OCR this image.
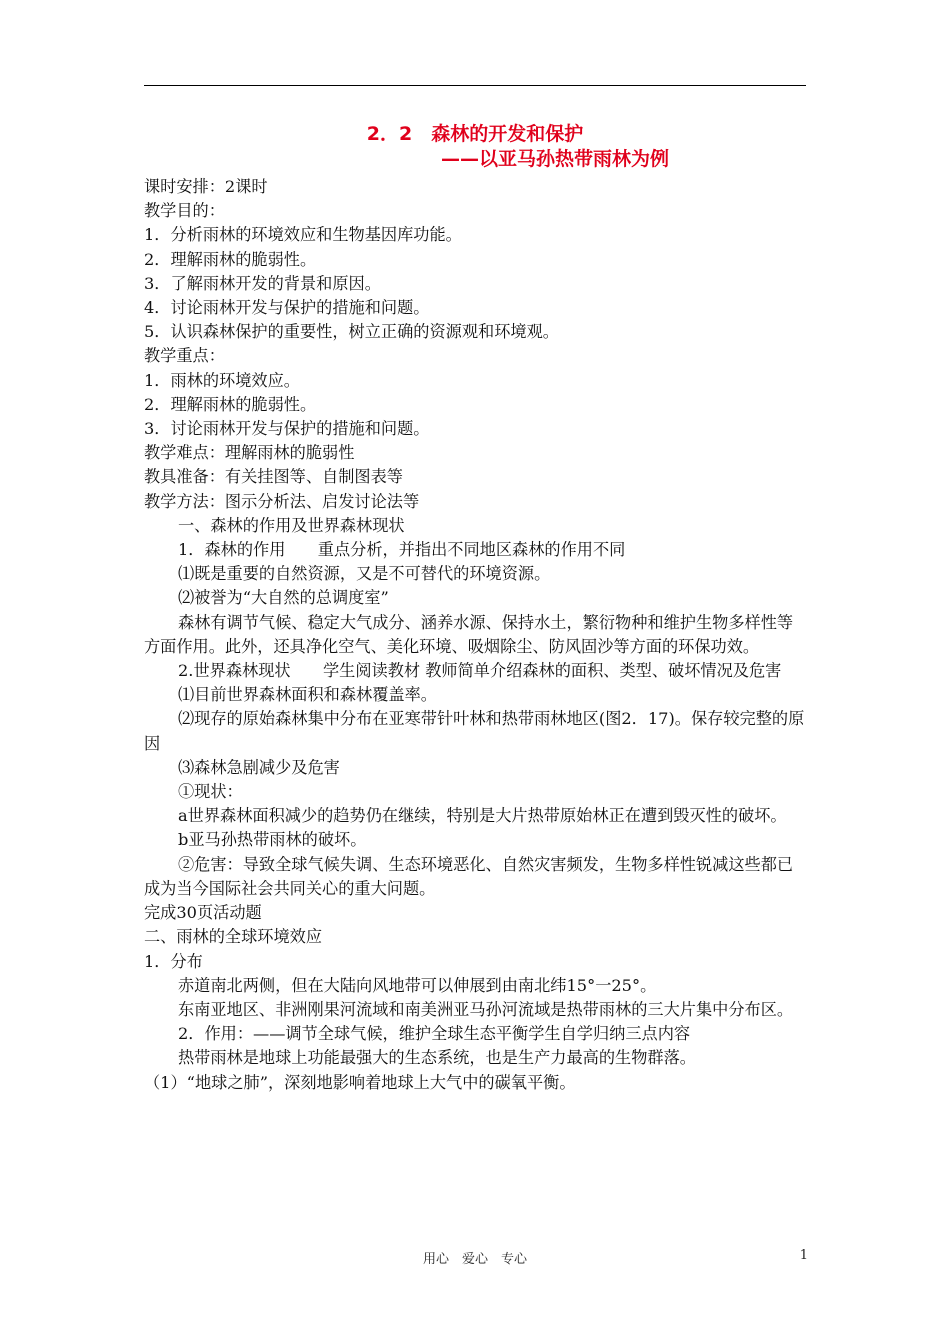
2．2　森林的开发和保护
——以亚马孙热带雨林为例

课时安排：2课时

教学目的：

1．分析雨林的环境效应和生物基因库功能。

2．理解雨林的脆弱性。

3．了解雨林开发的背景和原因。

4．讨论雨林开发与保护的措施和问题。

5．认识森林保护的重要性，树立正确的资源观和环境观。

教学重点：

1．雨林的环境效应。

2．理解雨林的脆弱性。

3．讨论雨林开发与保护的措施和问题。

教学难点：理解雨林的脆弱性

教具准备：有关挂图等、自制图表等

教学方法：图示分析法、启发讨论法等

一、森林的作用及世界森林现状

1．森林的作用　　重点分析，并指出不同地区森林的作用不同

⑴既是重要的自然资源，又是不可替代的环境资源。

⑵被誉为“大自然的总调度室”

森林有调节气候、稳定大气成分、涵养水源、保持水土，繁衍物种和维护生物多样性等方面作用。此外，还具净化空气、美化环境、吸烟除尘、防风固沙等方面的环保功效。

2.世界森林现状　　学生阅读教材 教师简单介绍森林的面积、类型、破坏情况及危害

⑴目前世界森林面积和森林覆盖率。

⑵现存的原始森林集中分布在亚寒带针叶林和热带雨林地区(图2．17)。保存较完整的原因

⑶森林急剧减少及危害

①现状：

a世界森林面积减少的趋势仍在继续，特别是大片热带原始林正在遭到毁灭性的破坏。

b亚马孙热带雨林的破坏。

②危害：导致全球气候失调、生态环境恶化、自然灾害频发，生物多样性锐减这些都已成为当今国际社会共同关心的重大问题。

完成30页活动题

二、雨林的全球环境效应

1．分布

赤道南北两侧，但在大陆向风地带可以伸展到由南北纬15°一25°。

东南亚地区、非洲刚果河流域和南美洲亚马孙河流域是热带雨林的三大片集中分布区。

2．作用：——调节全球气候，维护全球生态平衡学生自学归纳三点内容

热带雨林是地球上功能最强大的生态系统，也是生产力最高的生物群落。

（1）“地球之肺”，深刻地影响着地球上大气中的碳氧平衡。

用心　爱心　专心	1
